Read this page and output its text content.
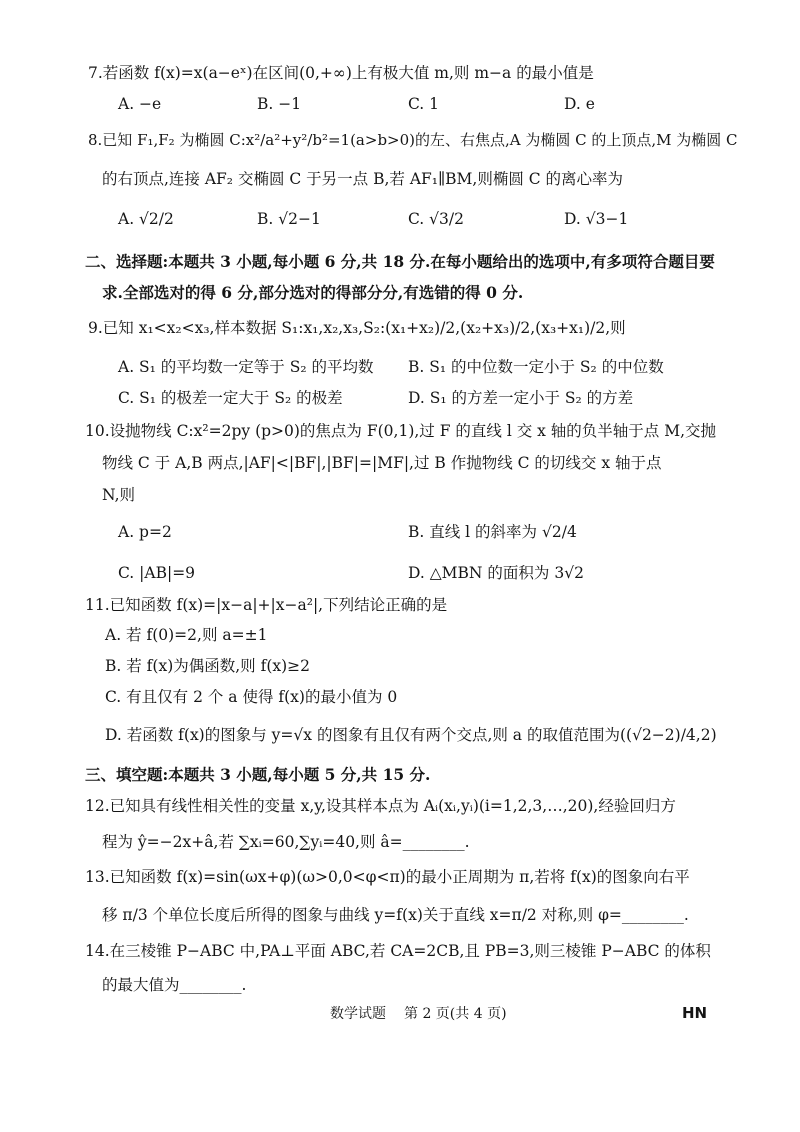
7.若函数 f(x)=x(a−eˣ)在区间(0,+∞)上有极大值 m,则 m−a 的最小值是
A. −e	B. −1	C. 1	D. e
8.已知 F₁,F₂ 为椭圆 C:x²/a²+y²/b²=1(a>b>0)的左、右焦点,A 为椭圆 C 的上顶点,M 为椭圆 C
的右顶点,连接 AF₂ 交椭圆 C 于另一点 B,若 AF₁∥BM,则椭圆 C 的离心率为
A. √2/2	B. √2−1	C. √3/2	D. √3−1
二、选择题:本题共 3 小题,每小题 6 分,共 18 分.在每小题给出的选项中,有多项符合题目要
求.全部选对的得 6 分,部分选对的得部分分,有选错的得 0 分.
9.已知 x₁<x₂<x₃,样本数据 S₁:x₁,x₂,x₃,S₂:(x₁+x₂)/2,(x₂+x₃)/2,(x₃+x₁)/2,则
A. S₁ 的平均数一定等于 S₂ 的平均数 B. S₁ 的中位数一定小于 S₂ 的中位数
C. S₁ 的极差一定大于 S₂ 的极差	D. S₁ 的方差一定小于 S₂ 的方差
10.设抛物线 C:x²=2py (p>0)的焦点为 F(0,1),过 F 的直线 l 交 x 轴的负半轴于点 M,交抛
物线 C 于 A,B 两点,|AF|<|BF|,|BF|=|MF|,过 B 作抛物线 C 的切线交 x 轴于点
N,则
A. p=2	B. 直线 l 的斜率为 √2/4
C. |AB|=9	D. △MBN 的面积为 3√2
11.已知函数 f(x)=|x−a|+|x−a²|,下列结论正确的是
A. 若 f(0)=2,则 a=±1
B. 若 f(x)为偶函数,则 f(x)≥2
C. 有且仅有 2 个 a 使得 f(x)的最小值为 0
D. 若函数 f(x)的图象与 y=√x 的图象有且仅有两个交点,则 a 的取值范围为((√2−2)/4,2)
三、填空题:本题共 3 小题,每小题 5 分,共 15 分.
12.已知具有线性相关性的变量 x,y,设其样本点为 Aᵢ(xᵢ,yᵢ)(i=1,2,3,…,20),经验回归方
程为 ŷ=−2x+â,若 ∑xᵢ=60,∑yᵢ=40,则 â=________.
13.已知函数 f(x)=sin(ωx+φ)(ω>0,0<φ<π)的最小正周期为 π,若将 f(x)的图象向右平
移 π/3 个单位长度后所得的图象与曲线 y=f(x)关于直线 x=π/2 对称,则 φ=________.
14.在三棱锥 P−ABC 中,PA⊥平面 ABC,若 CA=2CB,且 PB=3,则三棱锥 P−ABC 的体积
的最大值为________.
数学试题 第 2 页(共 4 页)	HN
